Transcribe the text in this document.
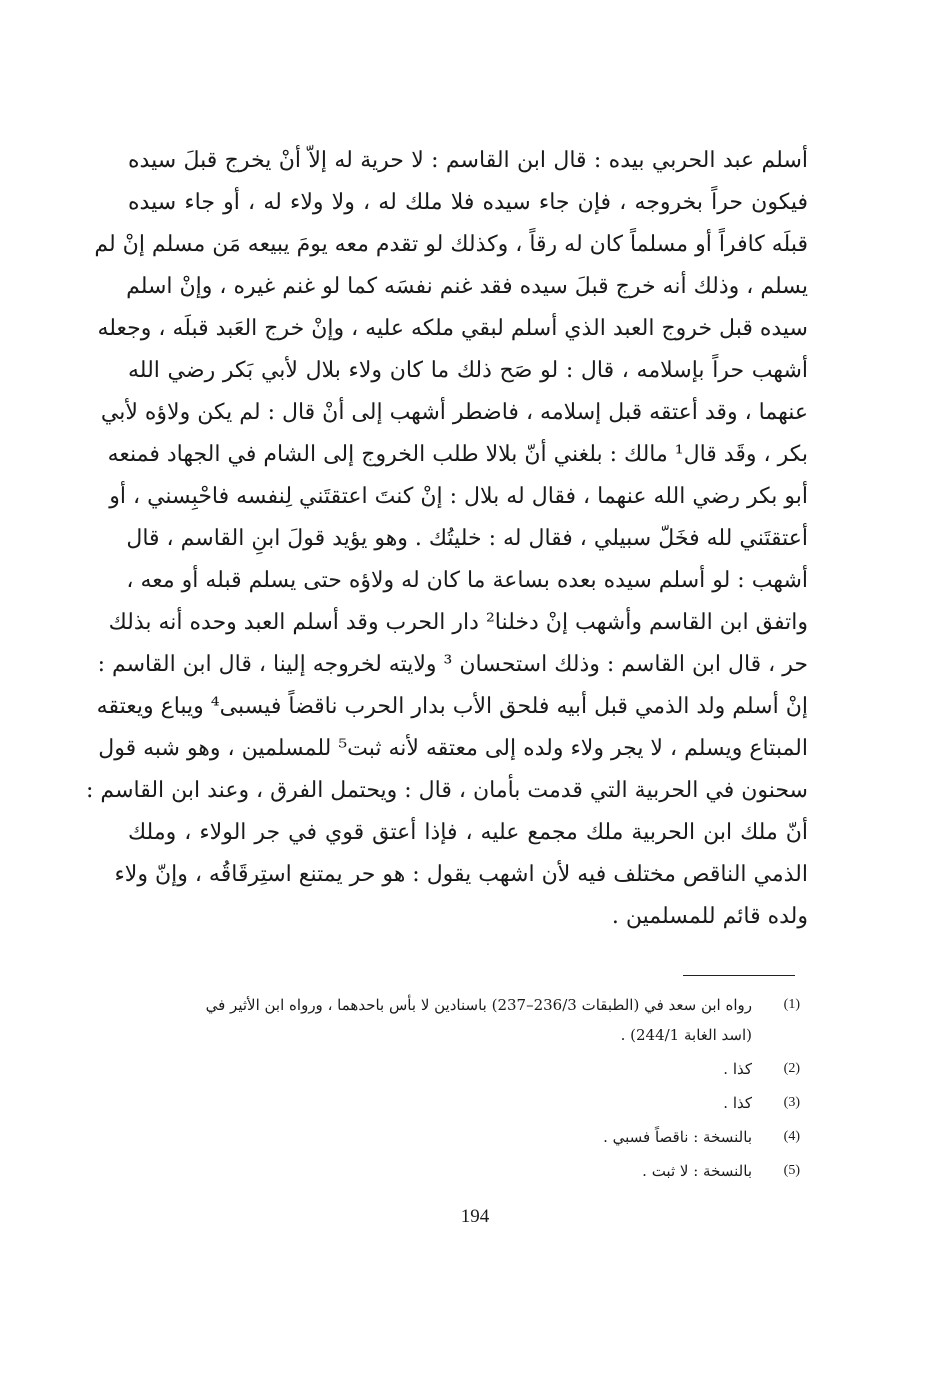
أسلم عبد الحربي بيده : قال ابن القاسم : لا حرية له إلاّ أنْ يخرج قبلَ سيده
فيكون حراً بخروجه ، فإن جاء سيده فلا ملك له ، ولا ولاء له ، أو جاء سيده
قبلَه كافراً أو مسلماً كان له رقاً ، وكذلك لو تقدم معه يومَ يبيعه مَن مسلم إنْ لم
يسلم ، وذلك أنه خرج قبلَ سيده فقد غنم نفسَه كما لو غنم غيره ، وإنْ اسلم
سيده قبل خروج العبد الذي أسلم لبقي ملكه عليه ، وإنْ خرج العَبد قبلَه ، وجعله
أشهب حراً بإسلامه ، قال : لو صَح ذلك ما كان ولاء بلال لأبي بَكر رضي الله
عنهما ، وقد أعتقه قبل إسلامه ، فاضطر أشهب إلى أنْ قال : لم يكن ولاؤه لأبي
بكر ، وقَد قال¹ مالك : بلغني أنّ بلالا طلب الخروج إلى الشام في الجهاد فمنعه
أبو بكر رضي الله عنهما ، فقال له بلال : إنْ كنتَ اعتقتَني لِنفسه فاحْبِسني ، أو
أعتقتَني لله فخَلّ سبيلي ، فقال له : خليتُك . وهو يؤيد قولَ ابنِ القاسم ، قال
أشهب : لو أسلم سيده بعده بساعة ما كان له ولاؤه حتى يسلم قبله أو معه ،
واتفق ابن القاسم وأشهب إنْ دخلنا² دار الحرب وقد أسلم العبد وحده أنه بذلك
حر ، قال ابن القاسم : وذلك استحسان ³ ولايته لخروجه إلينا ، قال ابن القاسم :
إنْ أسلم ولد الذمي قبل أبيه فلحق الأب بدار الحرب ناقضاً فيسبى⁴ ويباع ويعتقه
المبتاع ويسلم ، لا يجر ولاء ولده إلى معتقه لأنه ثبت⁵ للمسلمين ، وهو شبه قول
سحنون في الحربية التي قدمت بأمان ، قال : ويحتمل الفرق ، وعند ابن القاسم :
أنّ ملك ابن الحربية ملك مجمع عليه ، فإذا أعتق قوي في جر الولاء ، وملك
الذمي الناقص مختلف فيه لأن اشهب يقول : هو حر يمتنع استِرقَاقُه ، وإنّ ولاء
ولده قائم للمسلمين .
(1)
رواه ابن سعد في (الطبقات 236/3–237) باسنادين لا بأس باحدهما ، ورواه ابن الأثير في
(اسد الغابة 244/1) .
(2)
كذا .
(3)
كذا .
(4)
بالنسخة : ناقصاً فسبي .
(5)
بالنسخة : لا ثبت .
194
